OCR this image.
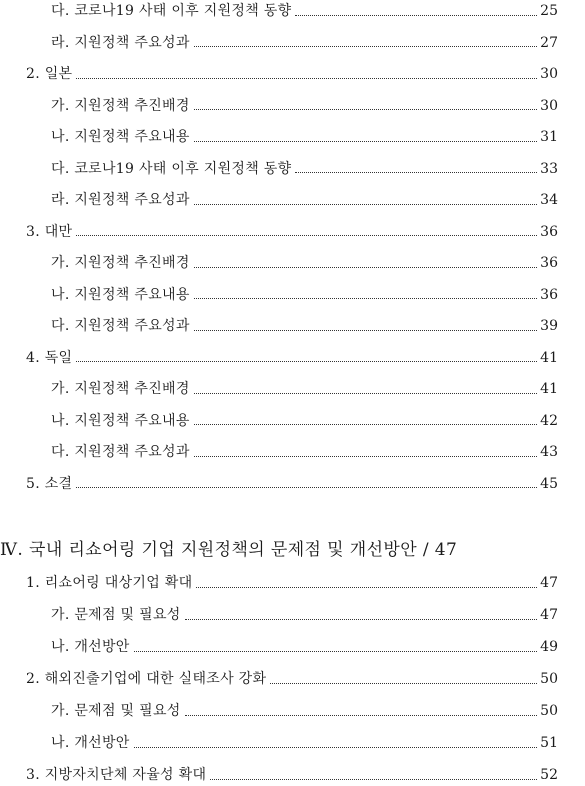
다. 코로나19 사태 이후 지원정책 동향	25
라. 지원정책 주요성과	27
2. 일본	30
가. 지원정책 추진배경	30
나. 지원정책 주요내용	31
다. 코로나19 사태 이후 지원정책 동향	33
라. 지원정책 주요성과	34
3. 대만	36
가. 지원정책 추진배경	36
나. 지원정책 주요내용	36
다. 지원정책 주요성과	39
4. 독일	41
가. 지원정책 추진배경	41
나. 지원정책 주요내용	42
다. 지원정책 주요성과	43
5. 소결	45
Ⅳ. 국내 리쇼어링 기업 지원정책의 문제점 및 개선방안 / 47
1. 리쇼어링 대상기업 확대	47
가. 문제점 및 필요성	47
나. 개선방안	49
2. 해외진출기업에 대한 실태조사 강화	50
가. 문제점 및 필요성	50
나. 개선방안	51
3. 지방자치단체 자율성 확대	52
